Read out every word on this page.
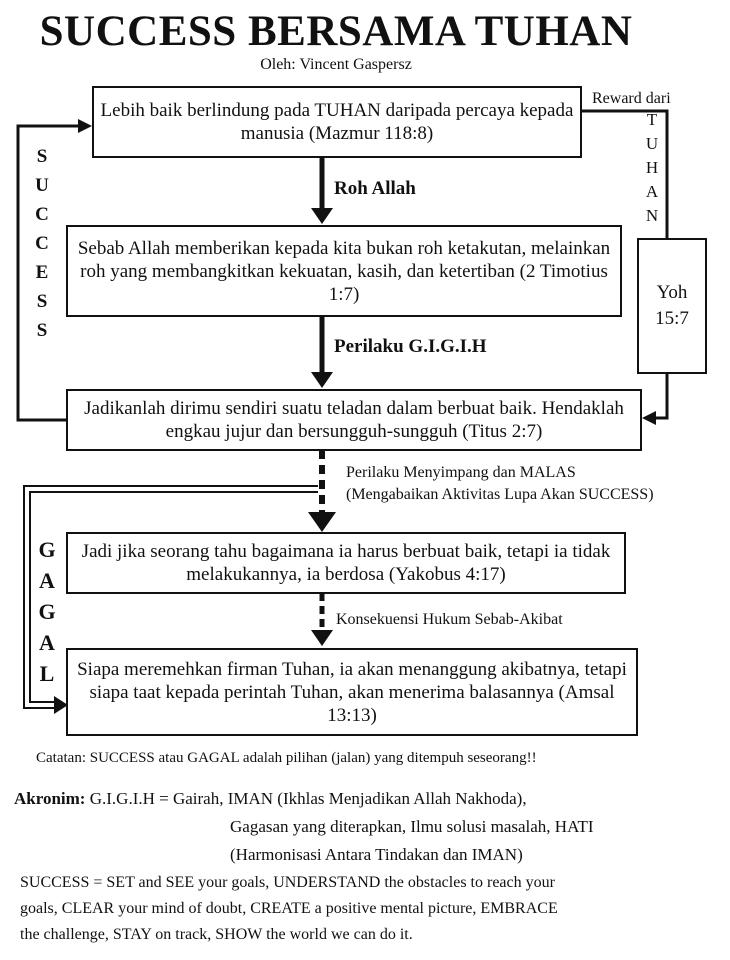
SUCCESS BERSAMA TUHAN
Oleh: Vincent Gaspersz
Lebih baik berlindung pada TUHAN daripada percaya kepada manusia (Mazmur 118:8)
Sebab Allah memberikan kepada kita bukan roh ketakutan, melainkan roh yang membangkitkan kekuatan, kasih, dan ketertiban (2 Timotius 1:7)
Jadikanlah dirimu sendiri suatu teladan dalam berbuat baik. Hendaklah engkau jujur dan bersungguh-sungguh (Titus 2:7)
Jadi jika seorang tahu bagaimana ia harus berbuat baik, tetapi ia tidak melakukannya, ia berdosa (Yakobus 4:17)
Siapa meremehkan firman Tuhan, ia akan menanggung akibatnya, tetapi siapa taat kepada perintah Tuhan, akan menerima balasannya (Amsal 13:13)
Yoh 15:7
S
U
C
C
E
S
S
G
A
G
A
L
Reward dari
T
U
H
A
N
Roh Allah
Perilaku G.I.G.I.H
Perilaku Menyimpang dan MALAS (Mengabaikan Aktivitas Lupa Akan SUCCESS)
Konsekuensi Hukum Sebab-Akibat
Catatan: SUCCESS atau GAGAL adalah pilihan (jalan) yang ditempuh seseorang!!
Akronim: G.I.G.I.H = Gairah, IMAN (Ikhlas Menjadikan Allah Nakhoda),
Gagasan yang diterapkan, Ilmu solusi masalah, HATI
(Harmonisasi Antara Tindakan dan IMAN)
SUCCESS = SET and SEE your goals, UNDERSTAND the obstacles to reach your
goals, CLEAR your mind of doubt, CREATE a positive mental picture, EMBRACE
the challenge, STAY on track, SHOW the world we can do it.
